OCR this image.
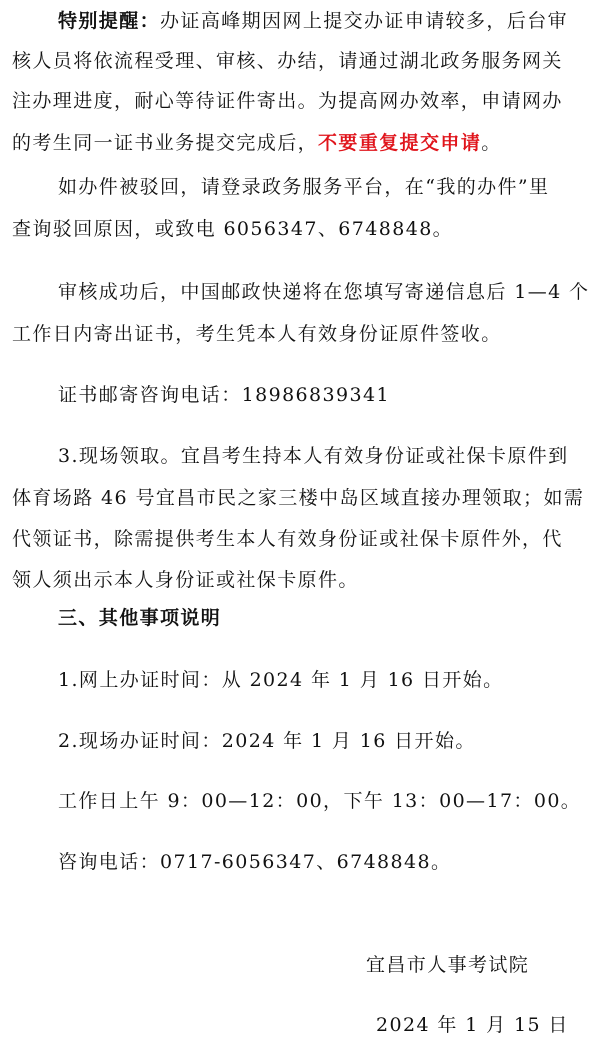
特别提醒：办证高峰期因网上提交办证申请较多，后台审
核人员将依流程受理、审核、办结，请通过湖北政务服务网关
注办理进度，耐心等待证件寄出。为提高网办效率，申请网办
的考生同一证书业务提交完成后，不要重复提交申请。
如办件被驳回，请登录政务服务平台，在“我的办件”里
查询驳回原因，或致电 6056347、6748848。
审核成功后，中国邮政快递将在您填写寄递信息后 1—4 个
工作日内寄出证书，考生凭本人有效身份证原件签收。
证书邮寄咨询电话：18986839341
3.现场领取。宜昌考生持本人有效身份证或社保卡原件到
体育场路 46 号宜昌市民之家三楼中岛区域直接办理领取；如需
代领证书，除需提供考生本人有效身份证或社保卡原件外，代
领人须出示本人身份证或社保卡原件。
三、其他事项说明
1.网上办证时间：从 2024 年 1 月 16 日开始。
2.现场办证时间：2024 年 1 月 16 日开始。
工作日上午 9：00—12：00，下午 13：00—17：00。
咨询电话：0717-6056347、6748848。
宜昌市人事考试院
2024 年 1 月 15 日
